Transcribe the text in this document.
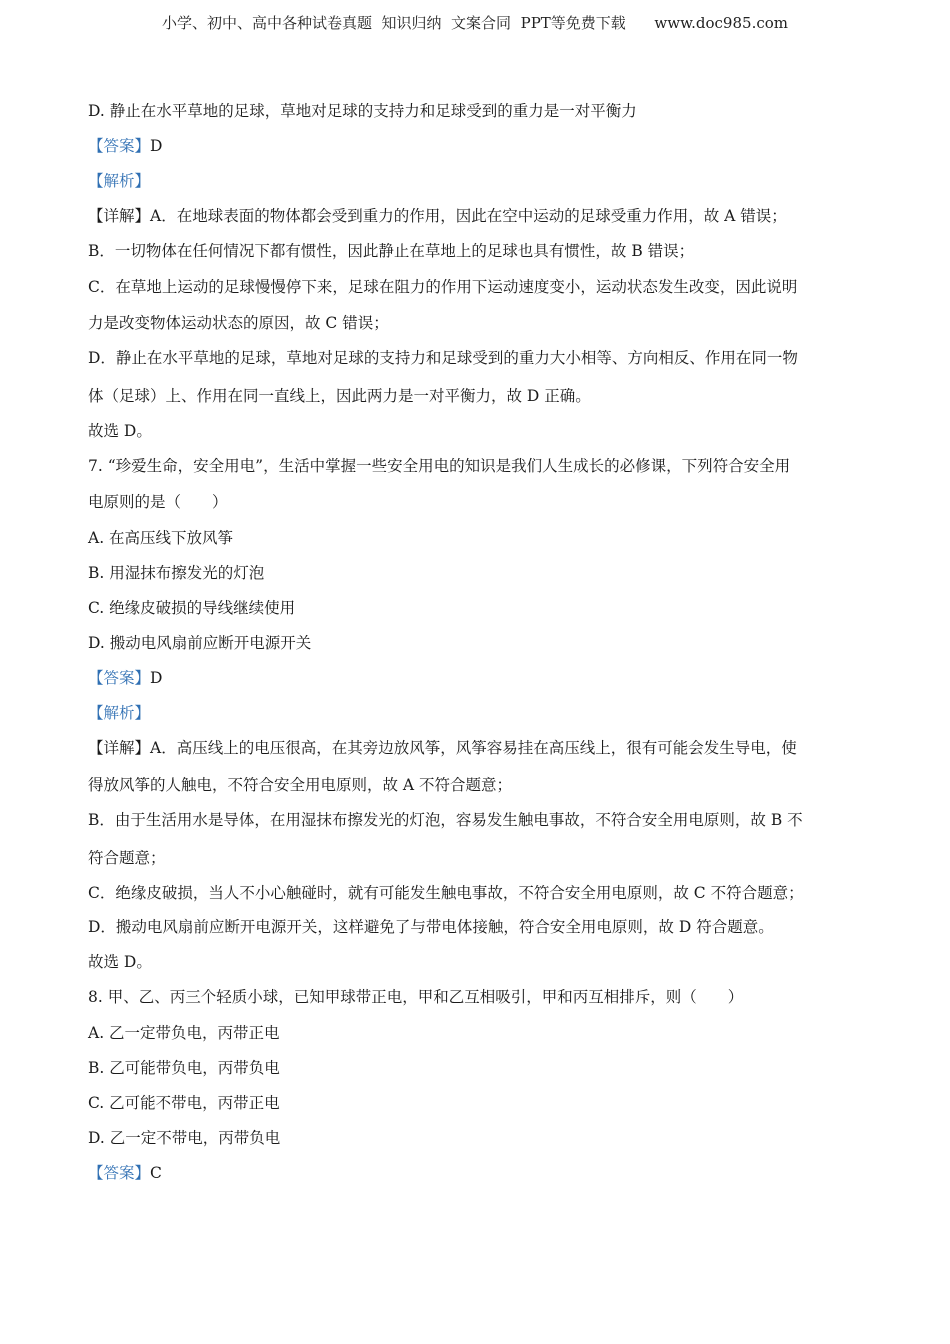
小学、初中、高中各种试卷真题  知识归纳  文案合同  PPT等免费下载      www.doc985.com
D. 静止在水平草地的足球，草地对足球的支持力和足球受到的重力是一对平衡力
【答案】D
【解析】
【详解】A．在地球表面的物体都会受到重力的作用，因此在空中运动的足球受重力作用，故 A 错误；
B．一切物体在任何情况下都有惯性，因此静止在草地上的足球也具有惯性，故 B 错误；
C．在草地上运动的足球慢慢停下来，足球在阻力的作用下运动速度变小，运动状态发生改变，因此说明
力是改变物体运动状态的原因，故 C 错误；
D．静止在水平草地的足球，草地对足球的支持力和足球受到的重力大小相等、方向相反、作用在同一物
体（足球）上、作用在同一直线上，因此两力是一对平衡力，故 D 正确。
故选 D。
7. “珍爱生命，安全用电”，生活中掌握一些安全用电的知识是我们人生成长的必修课，下列符合安全用
电原则的是（　　）
A. 在高压线下放风筝
B. 用湿抹布擦发光的灯泡
C. 绝缘皮破损的导线继续使用
D. 搬动电风扇前应断开电源开关
【答案】D
【解析】
【详解】A．高压线上的电压很高，在其旁边放风筝，风筝容易挂在高压线上，很有可能会发生导电，使
得放风筝的人触电，不符合安全用电原则，故 A 不符合题意；
B．由于生活用水是导体，在用湿抹布擦发光的灯泡，容易发生触电事故，不符合安全用电原则，故 B 不
符合题意；
C．绝缘皮破损，当人不小心触碰时，就有可能发生触电事故，不符合安全用电原则，故 C 不符合题意；
D．搬动电风扇前应断开电源开关，这样避免了与带电体接触，符合安全用电原则，故 D 符合题意。
故选 D。
8. 甲、乙、丙三个轻质小球，已知甲球带正电，甲和乙互相吸引，甲和丙互相排斥，则（　　）
A. 乙一定带负电，丙带正电
B. 乙可能带负电，丙带负电
C. 乙可能不带电，丙带正电
D. 乙一定不带电，丙带负电
【答案】C
